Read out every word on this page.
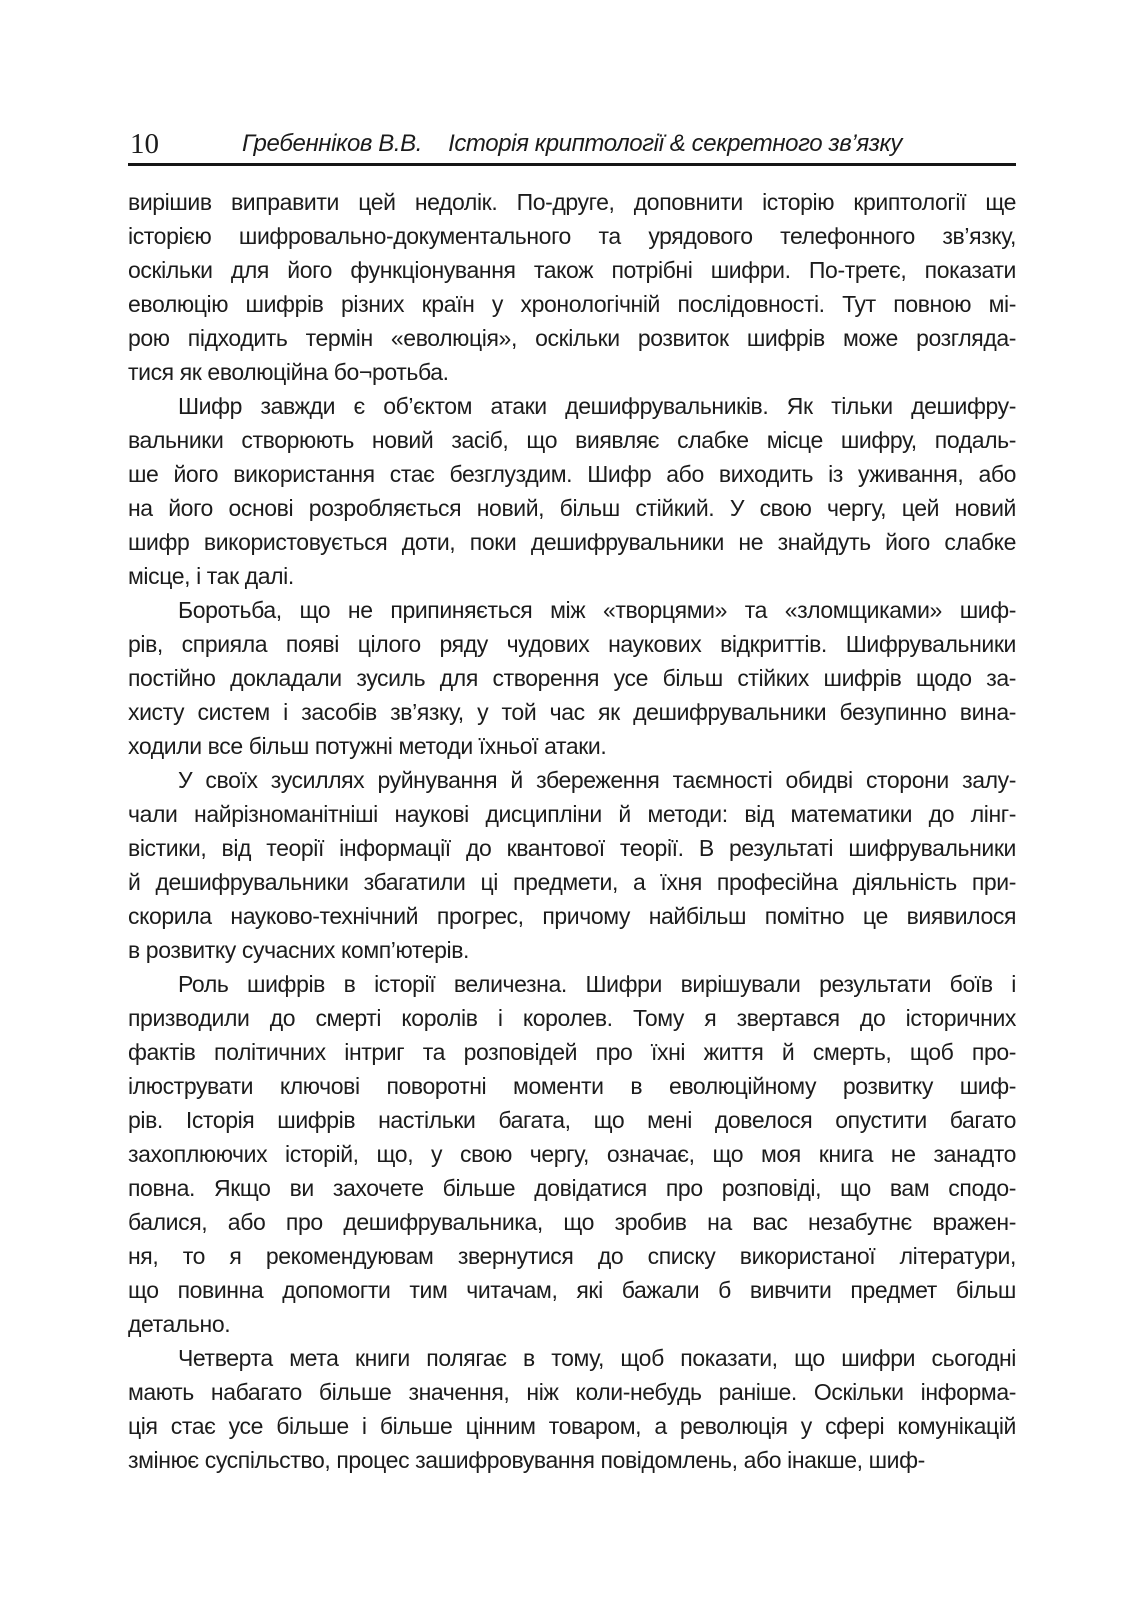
10	Гребенніков В.В. Історія криптології & секретного зв’язку
вирішив виправити цей недолік. По-друге, доповнити історію криптології ще
історією шифровально-документального та урядового телефонного зв’язку,
оскільки для його функціонування також потрібні шифри. По-третє, показати
еволюцію шифрів різних країн у хронологічній послідовності. Тут повною мі-
рою підходить термін «еволюція», оскільки розвиток шифрів може розгляда-
тися як еволюційна бо¬ротьба.
Шифр завжди є об’єктом атаки дешифрувальників. Як тільки дешифру-
вальники створюють новий засіб, що виявляє слабке місце шифру, подаль-
ше його використання стає безглуздим. Шифр або виходить із уживання, або
на його основі розробляється новий, більш стійкий. У свою чергу, цей новий
шифр використовується доти, поки дешифрувальники не знайдуть його слабке
місце, і так далі.
Боротьба, що не припиняється між «творцями» та «зломщиками» шиф-
рів, сприяла появі цілого ряду чудових наукових відкриттів. Шифрувальники
постійно докладали зусиль для створення усе більш стійких шифрів щодо за-
хисту систем і засобів зв’язку, у той час як дешифрувальники безупинно вина-
ходили все більш потужні методи їхньої атаки.
У своїх зусиллях руйнування й збереження таємності обидві сторони залу-
чали найрізноманітніші наукові дисципліни й методи: від математики до лінг-
вістики, від теорії інформації до квантової теорії. В результаті шифрувальники
й дешифрувальники збагатили ці предмети, а їхня професійна діяльність при-
скорила науково-технічний прогрес, причому найбільш помітно це виявилося
в розвитку сучасних комп’ютерів.
Роль шифрів в історії величезна. Шифри вирішували результати боїв і
призводили до смерті королів і королев. Тому я звертався до історичних
фактів політичних інтриг та розповідей про їхні життя й смерть, щоб про-
ілюструвати ключові поворотні моменти в еволюційному розвитку шиф-
рів. Історія шифрів настільки багата, що мені довелося опустити багато
захоплюючих історій, що, у свою чергу, означає, що моя книга не занадто
повна. Якщо ви захочете більше довідатися про розповіді, що вам сподо-
балися, або про дешифрувальника, що зробив на вас незабутнє вражен-
ня, то я рекомендуювам звернутися до списку використаної літератури,
що повинна допомогти тим читачам, які бажали б вивчити предмет більш
детально.
Четверта мета книги полягає в тому, щоб показати, що шифри сьогодні
мають набагато більше значення, ніж коли-небудь раніше. Оскільки інформа-
ція стає усе більше і більше цінним товаром, а революція у сфері комунікацій
змінює суспільство, процес зашифровування повідомлень, або інакше, шиф-
